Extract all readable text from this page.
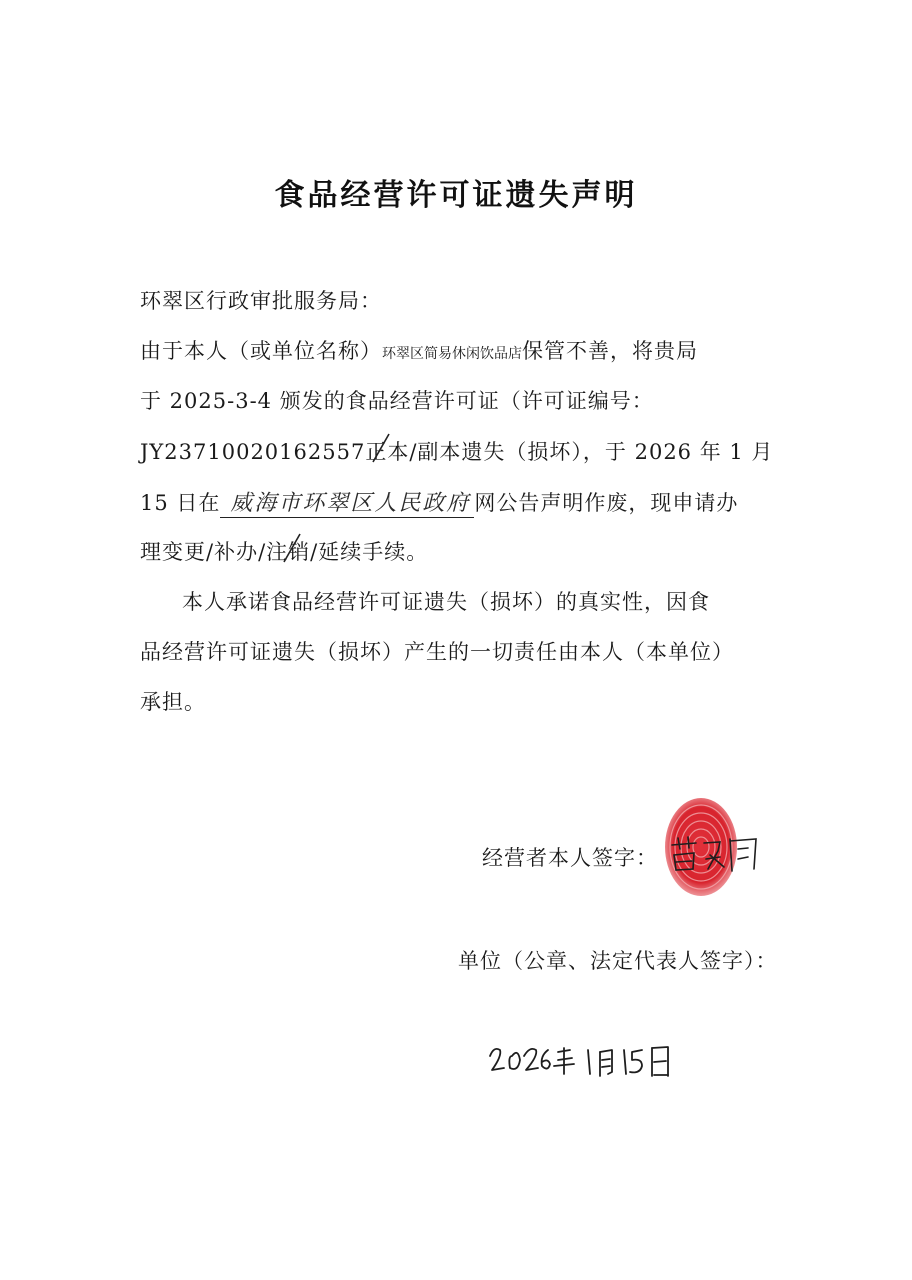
食品经营许可证遗失声明
环翠区行政审批服务局：
由于本人（或单位名称）环翠区简易休闲饮品店保管不善，将贵局
于 2025-3-4 颁发的食品经营许可证（许可证编号：
JY23710020162557正本
/副本遗失（损坏），于 2026 年 1 月
15 日在 威海市环翠区人民政府 网公告声明作废，现申请办
理变更/补办/注销
/延续手续。
本人承诺食品经营许可证遗失（损坏）的真实性，因食
品经营许可证遗失（损坏）产生的一切责任由本人（本单位）
承担。
经营者本人签字：
单位（公章、法定代表人签字）：
